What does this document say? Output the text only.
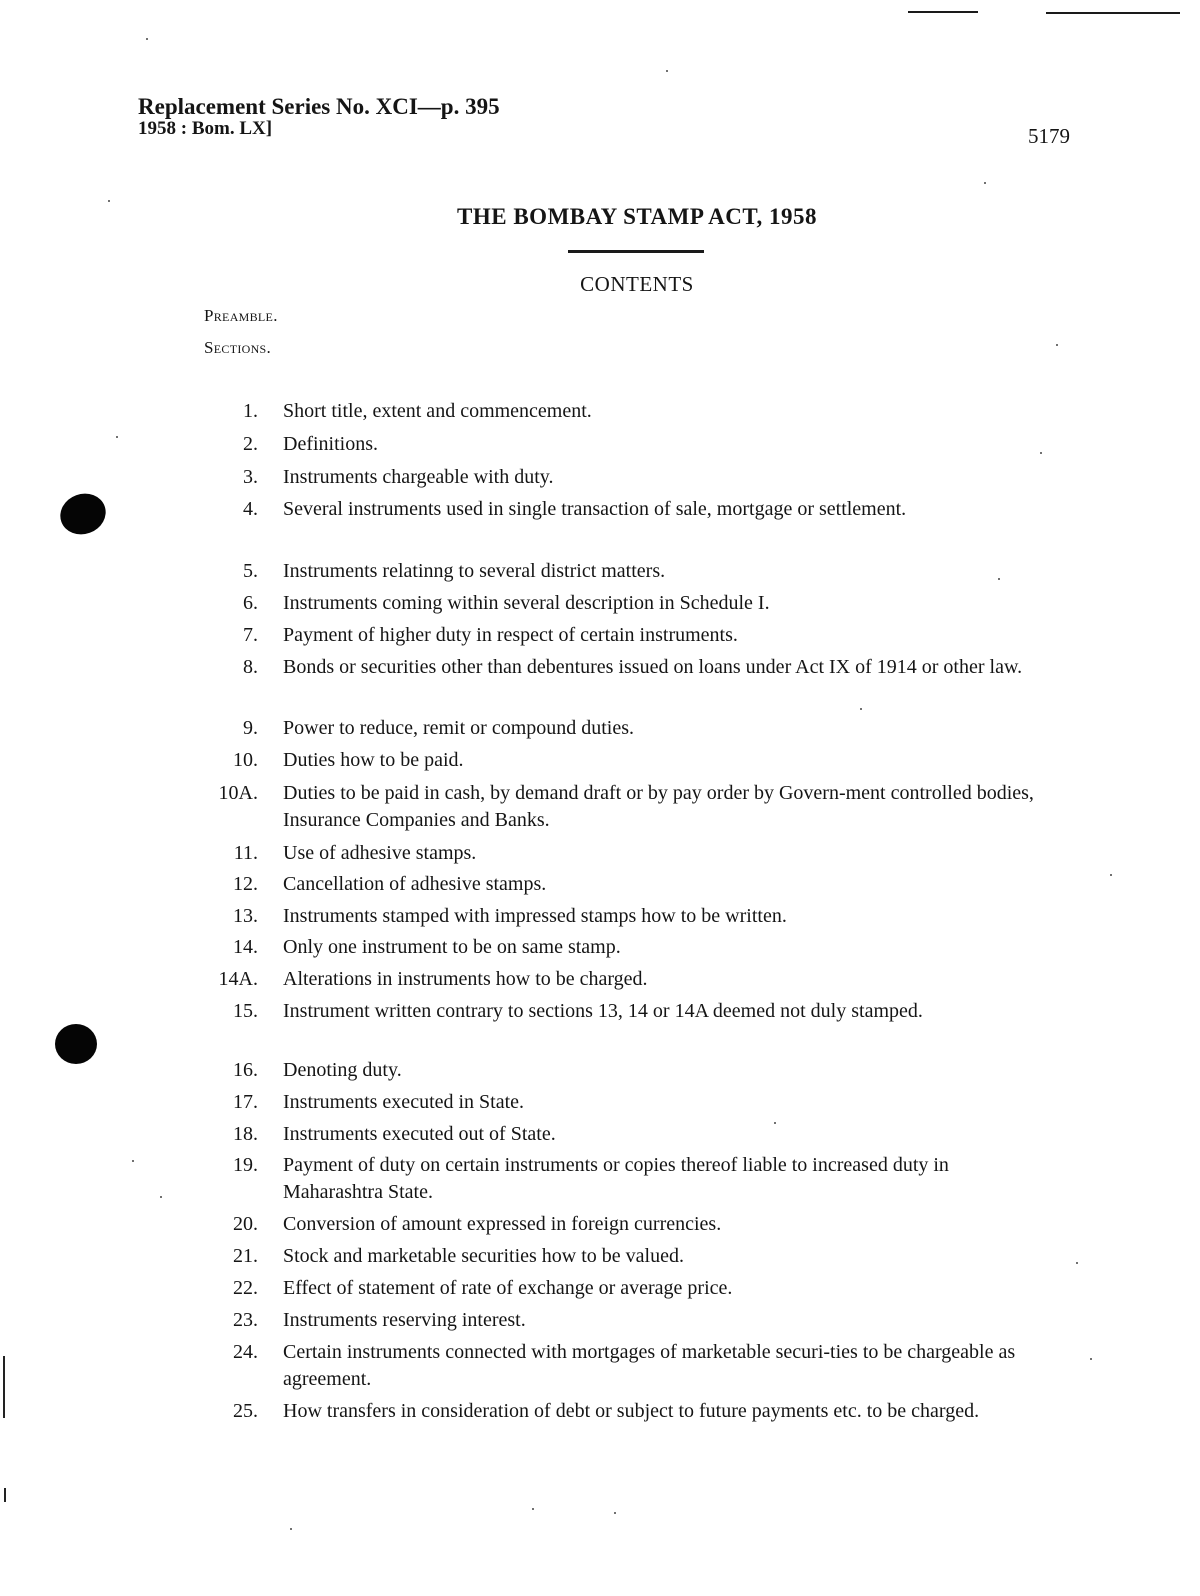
Replacement Series No. XCI—p. 395
1958 : Bom. LX]	5179
THE BOMBAY STAMP ACT, 1958
CONTENTS
Preamble.
Sections.
1. Short title, extent and commencement.
2. Definitions.
3. Instruments chargeable with duty.
4. Several instruments used in single transaction of sale, mortgage or settlement.
5. Instruments relatinng to several district matters.
6. Instruments coming within several description in Schedule I.
7. Payment of higher duty in respect of certain instruments.
8. Bonds or securities other than debentures issued on loans under Act IX of 1914 or other law.
9. Power to reduce, remit or compound duties.
10. Duties how to be paid.
10A. Duties to be paid in cash, by demand draft or by pay order by Govern-ment controlled bodies, Insurance Companies and Banks.
11. Use of adhesive stamps.
12. Cancellation of adhesive stamps.
13. Instruments stamped with impressed stamps how to be written.
14. Only one instrument to be on same stamp.
14A. Alterations in instruments how to be charged.
15. Instrument written contrary to sections 13, 14 or 14A deemed not duly stamped.
16. Denoting duty.
17. Instruments executed in State.
18. Instruments executed out of State.
19. Payment of duty on certain instruments or copies thereof liable to increased duty in Maharashtra State.
20. Conversion of amount expressed in foreign currencies.
21. Stock and marketable securities how to be valued.
22. Effect of statement of rate of exchange or average price.
23. Instruments reserving interest.
24. Certain instruments connected with mortgages of marketable securi-ties to be chargeable as agreement.
25. How transfers in consideration of debt or subject to future payments etc. to be charged.
